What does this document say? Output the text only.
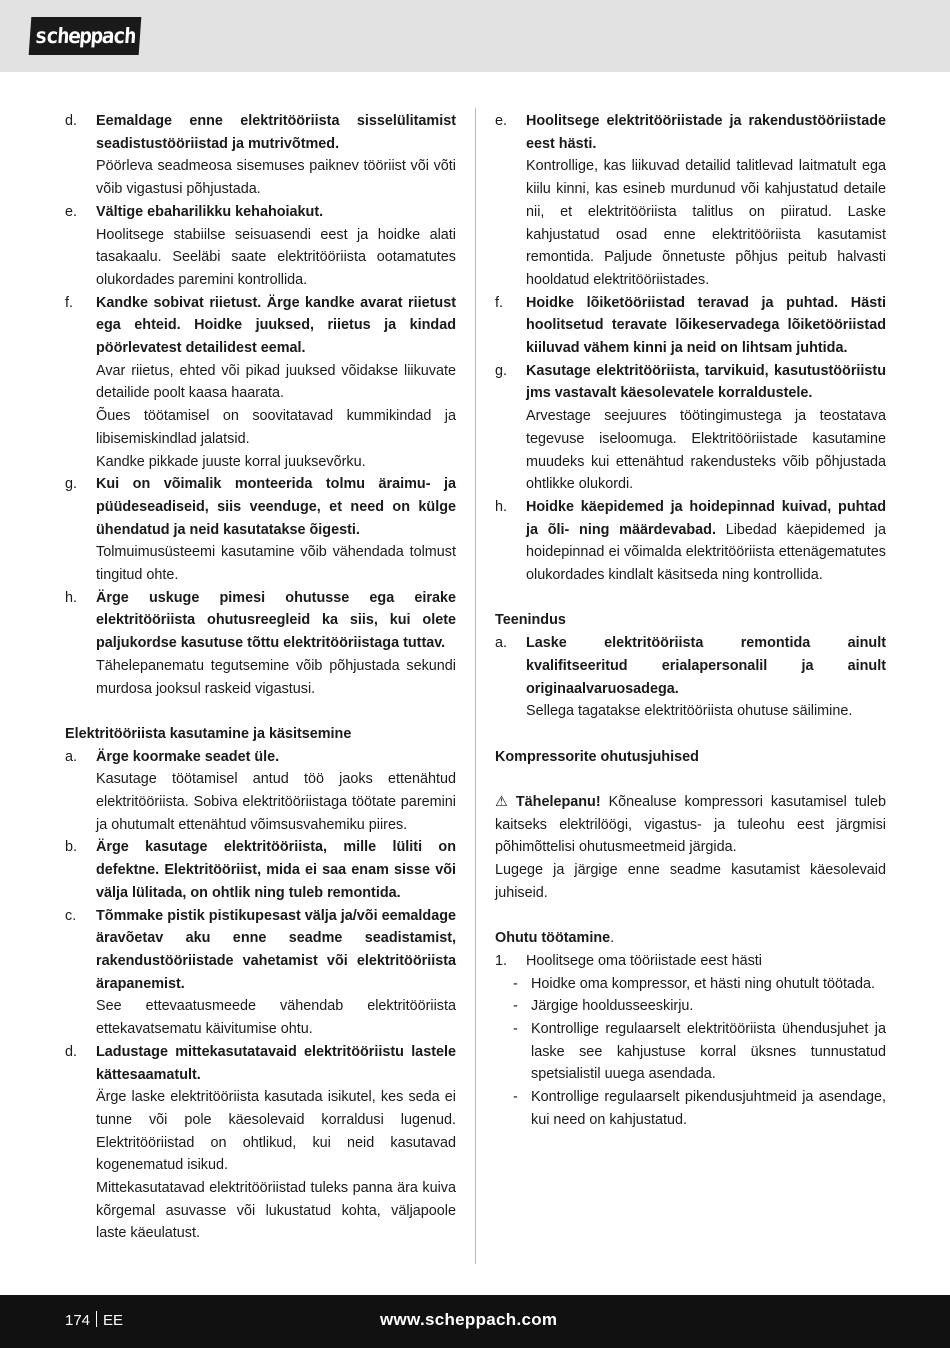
scheppach
d.	Eemaldage enne elektritööriista sisselülitamist seadistustööriistad ja mutrivõtmed.

Pöörleva seadmeosa sisemuses paiknev tööriist või võti võib vigastusi põhjustada.

e.	Vältige ebaharilikku kehahoiakut.

Hoolitsege stabiilse seisuasendi eest ja hoidke alati tasakaalu. Seeläbi saate elektritööriista ootamatutes olukordades paremini kontrollida.

f.	Kandke sobivat riietust. Ärge kandke avarat riietust ega ehteid. Hoidke juuksed, riietus ja kindad pöörlevatest detailidest eemal.

Avar riietus, ehted või pikad juuksed võidakse liikuvate detailide poolt kaasa haarata.

Õues töötamisel on soovitatavad kummikindad ja libisemiskindlad jalatsid.

Kandke pikkade juuste korral juuksevõrku.

g.	Kui on võimalik monteerida tolmu äraimu- ja püüdeseadiseid, siis veenduge, et need on külge ühendatud ja neid kasutatakse õigesti.

Tolmuimusüsteemi kasutamine võib vähendada tolmust tingitud ohte.

h.	Ärge uskuge pimesi ohutusse ega eirake elektritööriista ohutusreegleid ka siis, kui olete paljukordse kasutuse tõttu elektritööriistaga tuttav.

Tähelepanematu tegutsemine võib põhjustada sekundi murdosa jooksul raskeid vigastusi.

Elektritööriista kasutamine ja käsitsemine
a.	Ärge koormake seadet üle.

Kasutage töötamisel antud töö jaoks ettenähtud elektritööriista. Sobiva elektritööriistaga töötate paremini ja ohutumalt ettenähtud võimsusvahemiku piires.

b.	Ärge kasutage elektritööriista, mille lüliti on defektne. Elektritööriist, mida ei saa enam sisse või välja lülitada, on ohtlik ning tuleb remontida.

c.	Tõmmake pistik pistikupesast välja ja/või eemaldage äravõetav aku enne seadme seadistamist, rakendustööriistade vahetamist või elektritööriista ärapanemist.

See ettevaatusmeede vähendab elektritööriista ettekavatsematu käivitumise ohtu.

d.	Ladustage mittekasutatavaid elektritööriistu lastele kättesaamatult.

Ärge laske elektritööriista kasutada isikutel, kes seda ei tunne või pole käesolevaid korraldusi lugenud. Elektritööriistad on ohtlikud, kui neid kasutavad kogenematud isikud.

Mittekasutatavad elektritööriistad tuleks panna ära kuiva kõrgemal asuvasse või lukustatud kohta, väljapoole laste käeulatust.

e.	Hoolitsege elektritööriistade ja rakendustööriistade eest hästi.

Kontrollige, kas liikuvad detailid talitlevad laitmatult ega kiilu kinni, kas esineb murdunud või kahjustatud detaile nii, et elektritööriista talitlus on piiratud. Laske kahjustatud osad enne elektritööriista kasutamist remontida. Paljude õnnetuste põhjus peitub halvasti hooldatud elektritööriistades.

f.	Hoidke lõiketööriistad teravad ja puhtad. Hästi hoolitsetud teravate lõikeservadega lõiketööriistad kiiluvad vähem kinni ja neid on lihtsam juhtida.

g.	Kasutage elektritööriista, tarvikuid, kasutustööriistu jms vastavalt käesolevatele korraldustele.

Arvestage seejuures töötingimustega ja teostatava tegevuse iseloomuga. Elektritööriistade kasutamine muudeks kui ettenähtud rakendusteks võib põhjustada ohtlikke olukordi.

h.	Hoidke käepidemed ja hoidepinnad kuivad, puhtad ja õli- ning määrdevabad. Libedad käepidemed ja hoidepinnad ei võimalda elektritööriista ettenägematutes olukordades kindlalt käsitseda ning kontrollida.

Teenindus
a.	Laske elektritööriista remontida ainult kvalifitseeritud erialapersonalil ja ainult originaalvaruosadega.

Sellega tagatakse elektritööriista ohutuse säilimine.

Kompressorite ohutusjuhised

⚠ Tähelepanu! Kõnealuse kompressori kasutamisel tuleb kaitseks elektrilöögi, vigastus- ja tuleohu eest järgmisi põhimõttelisi ohutusmeetmeid järgida.

Lugege ja järgige enne seadme kasutamist käesolevaid juhiseid.

Ohutu töötamine.
1.	Hoolitsege oma tööriistade eest hästi
- Hoidke oma kompressor, et hästi ning ohutult töötada.

- Järgige hooldusseeskirju.

- Kontrollige regulaarselt elektritööriista ühendusjuhet ja laske see kahjustuse korral üksnes tunnustatud spetsialistil uuega asendada.

- Kontrollige regulaarselt pikendusjuhtmeid ja asendage, kui need on kahjustatud.

174 EE	www.scheppach.com
